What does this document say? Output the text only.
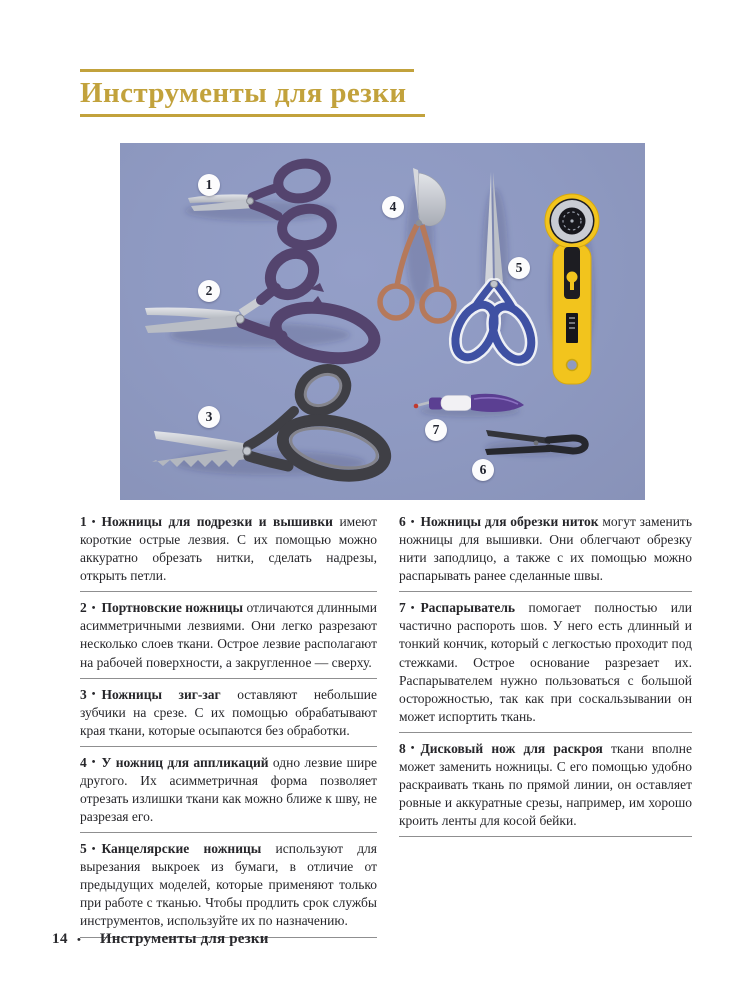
Инструменты для резки
1
2
3
4
5
6
7

1 • Ножницы для подрезки и вышивки имеют короткие острые лезвия. С их помощью можно аккуратно обрезать нитки, сделать надрезы, открыть петли.

2 • Портновские ножницы отличаются длинными асимметричными лезвиями. Они легко разрезают несколько слоев ткани. Острое лезвие располагают на рабочей поверхности, а закругленное — сверху.

3 • Ножницы зиг-заг оставляют небольшие зубчики на срезе. С их помощью обрабатывают края ткани, которые осыпаются без обработки.

4 • У ножниц для аппликаций одно лезвие шире другого. Их асимметричная форма позволяет отрезать излишки ткани как можно ближе к шву, не разрезая его.

5 • Канцелярские ножницы используют для вырезания выкроек из бумаги, в отличие от предыдущих моделей, которые применяют только при работе с тканью. Чтобы продлить срок службы инструментов, используйте их по назначению.

6 • Ножницы для обрезки ниток могут заменить ножницы для вышивки. Они облегчают обрезку нити заподлицо, а также с их помощью можно распарывать ранее сделанные швы.

7 • Распарыватель помогает полностью или частично распороть шов. У него есть длинный и тонкий кончик, который с легкостью проходит под стежками. Острое основание разрезает их. Распарывателем нужно пользоваться с большой осторожностью, так как при соскальзывании он может испортить ткань.

8 • Дисковый нож для раскроя ткани вполне может заменить ножницы. С его помощью удобно раскраивать ткань по прямой линии, он оставляет ровные и аккуратные срезы, например, им хорошо кроить ленты для косой бейки.

14 • Инструменты для резки
